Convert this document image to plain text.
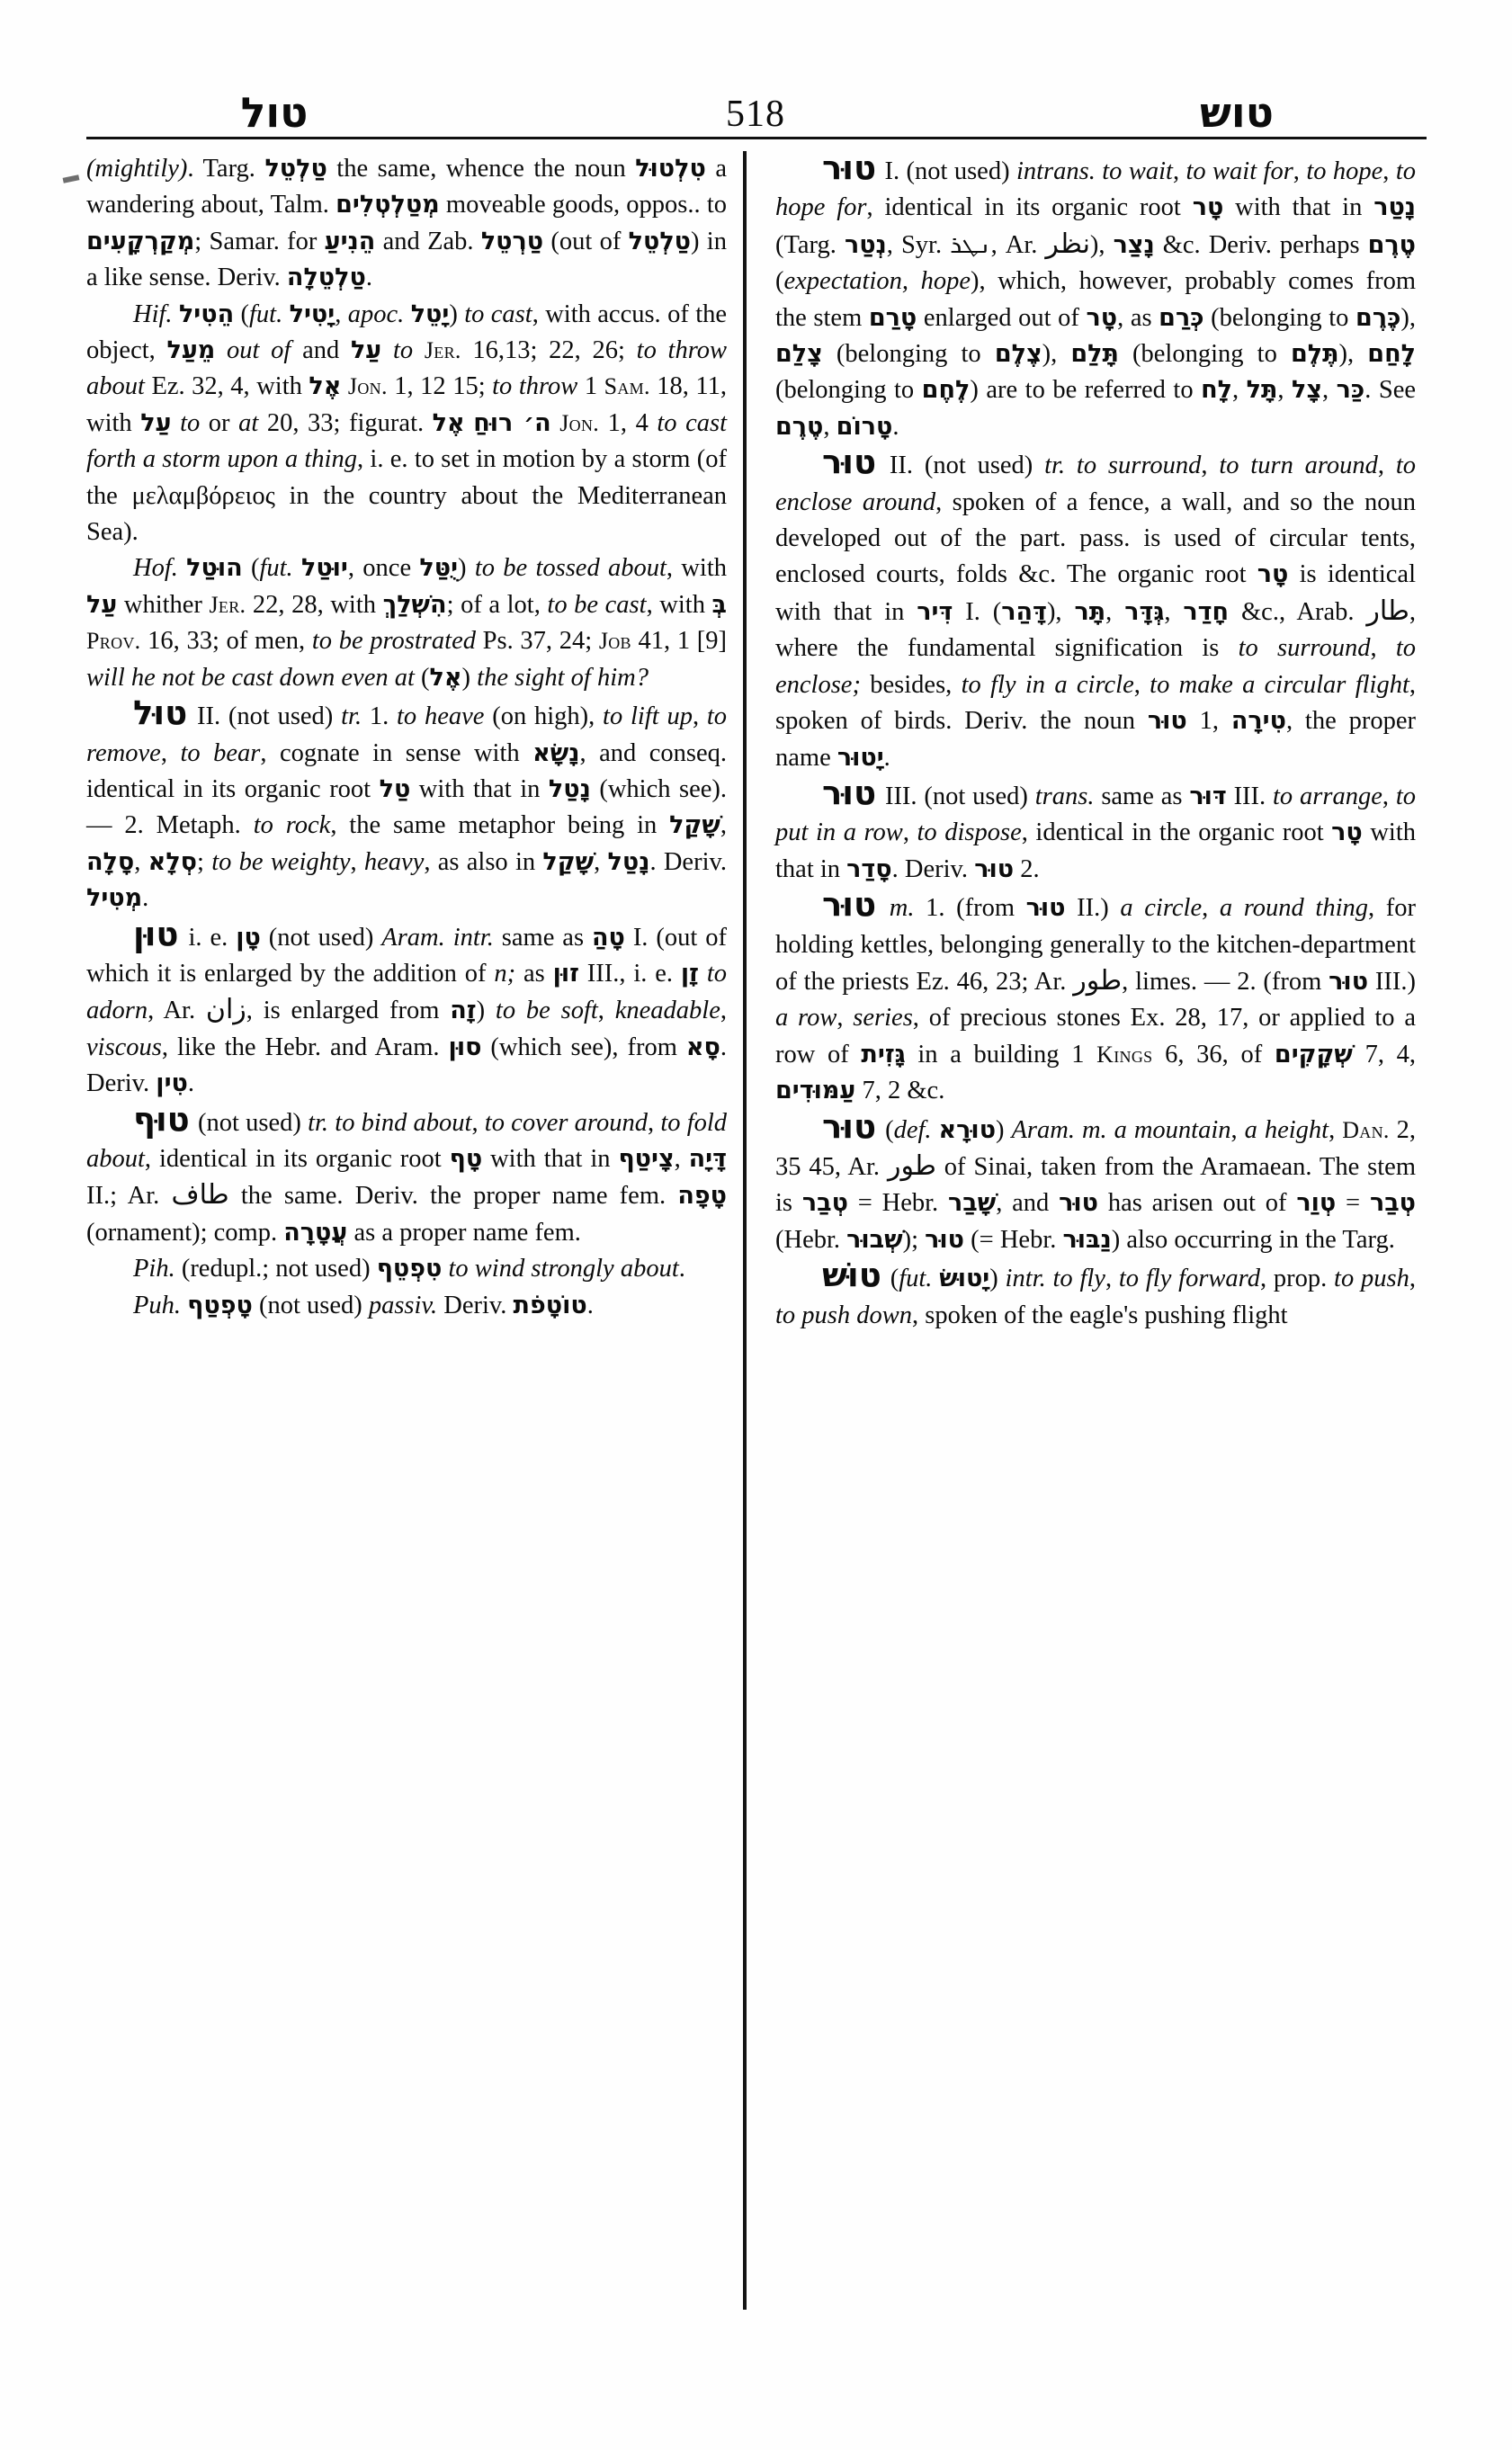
טול	518	טוש

(mightily). Targ. טַלְטֵל the same, whence the noun טִלְטוּל a wandering about, Talm. מְטַלְטְלִים moveable goods, oppos.. to מְקַרְקָעִים; Samar. for הֵנִיעַ and Zab. טַרְטֵל (out of טַלְטֵל) in a like sense. Deriv. טַלְטֵלָה.

Hif. הֵטִיל (fut. יָטִיל, apoc. יָטֵל) to cast, with accus. of the object, מֵעַל out of and עַל to Jer. 16,13; 22, 26; to throw about Ez. 32, 4, with אֶל Jon. 1, 12 15; to throw 1 Sam. 18, 11, with עַל to or at 20, 33; figurat. אֶל ה׳ רוּחַ Jon. 1, 4 to cast forth a storm upon a thing, i. e. to set in motion by a storm (of the μελαμβόρειος in the country about the Mediterranean Sea).

Hof. הוּטַל (fut. יוּטַל, once יֻטַּל) to be tossed about, with עַל whither Jer. 22, 28, with הִשְׁלַךְ; of a lot, to be cast, with בְּ Prov. 16, 33; of men, to be prostrated Ps. 37, 24; Job 41, 1 [9] will he not be cast down even at (אֶל) the sight of him?

טוּל II. (not used) tr. 1. to heave (on high), to lift up, to remove, to bear, cognate in sense with נָשָׂא, and conseq. identical in its organic root טַל with that in נָטַל (which see). — 2. Metaph. to rock, the same metaphor being in שָׁקַל, סָלָה, סְלָא; to be weighty, heavy, as also in שָׁקַל, נָטַל. Deriv. מְטִיל.

טוּן i. e. טָן (not used) Aram. intr. same as טָהַ I. (out of which it is enlarged by the addition of n; as זוּן III., i. e. זָן to adorn, Ar. زان, is enlarged from זָה) to be soft, kneadable, viscous, like the Hebr. and Aram. סוּן (which see), from סָא. Deriv. טִין.

טוּף (not used) tr. to bind about, to cover around, to fold about, identical in its organic root טָף with that in צָיטַף, דָּיָה II.; Ar. طاف the same. Deriv. the proper name fem. טָפָה (ornament); comp. עֲטָרָה as a proper name fem.

Pih. (redupl.; not used) טִפְטֵף to wind strongly about.

Puh. טָפְטַף (not used) passiv. Deriv. טוֹטָפֹת.

טוּר I. (not used) intrans. to wait, to wait for, to hope, to hope for, identical in its organic root טָר with that in נָטַר (Targ. נְטַר, Syr. ܢܛܪ, Ar. نظر), נָצַר &c. Deriv. perhaps טֶרֶם (expectation, hope), which, however, probably comes from the stem טָרַם enlarged out of טָר, as כְּרַם (belonging to כֶּרֶם), צָלַם (belonging to צֶלֶם), תָּלַם (belonging to תֶּלֶם), לָחַם (belonging to לֶחֶם) are to be referred to לָח, תָּל, צָל, כַּר. See טֶרֶם, טָרוֹם.

טוּר II. (not used) tr. to surround, to turn around, to enclose around, spoken of a fence, a wall, and so the noun developed out of the part. pass. is used of circular tents, enclosed courts, folds &c. The organic root טָר is identical with that in דִּיר I. (דָּהַר), תָּר, גְּדָּר, חָדַר &c., Arab. طار, where the fundamental signification is to surround, to enclose; besides, to fly in a circle, to make a circular flight, spoken of birds. Deriv. the noun טוּר 1, טִירָה, the proper name יָטוּר.

טוּר III. (not used) trans. same as דּוּר III. to arrange, to put in a row, to dispose, identical in the organic root טָר with that in סָדַר. Deriv. טוּר 2.

טוּר m. 1. (from טוּר II.) a circle, a round thing, for holding kettles, belonging generally to the kitchen-department of the priests Ez. 46, 23; Ar. طور, limes. — 2. (from טוּר III.) a row, series, of precious stones Ex. 28, 17, or applied to a row of גָּזִית in a building 1 Kings 6, 36, of שְׁקָקִים 7, 4, עַמּוּדִים 7, 2 &c.

טוּר (def. טוּרָא) Aram. m. a mountain, a height, Dan. 2, 35 45, Ar. طور of Sinai, taken from the Aramaean. The stem is טְבַר = Hebr. שָׁבַר, and טוּר has arisen out of טְוַר = טְבַר (Hebr. שְׁבוּר); טוּר (= Hebr. נַבּוּר) also occurring in the Targ.

טוּשׁ (fut. יָטוּשׂ) intr. to fly, to fly forward, prop. to push, to push down, spoken of the eagle's pushing flight
